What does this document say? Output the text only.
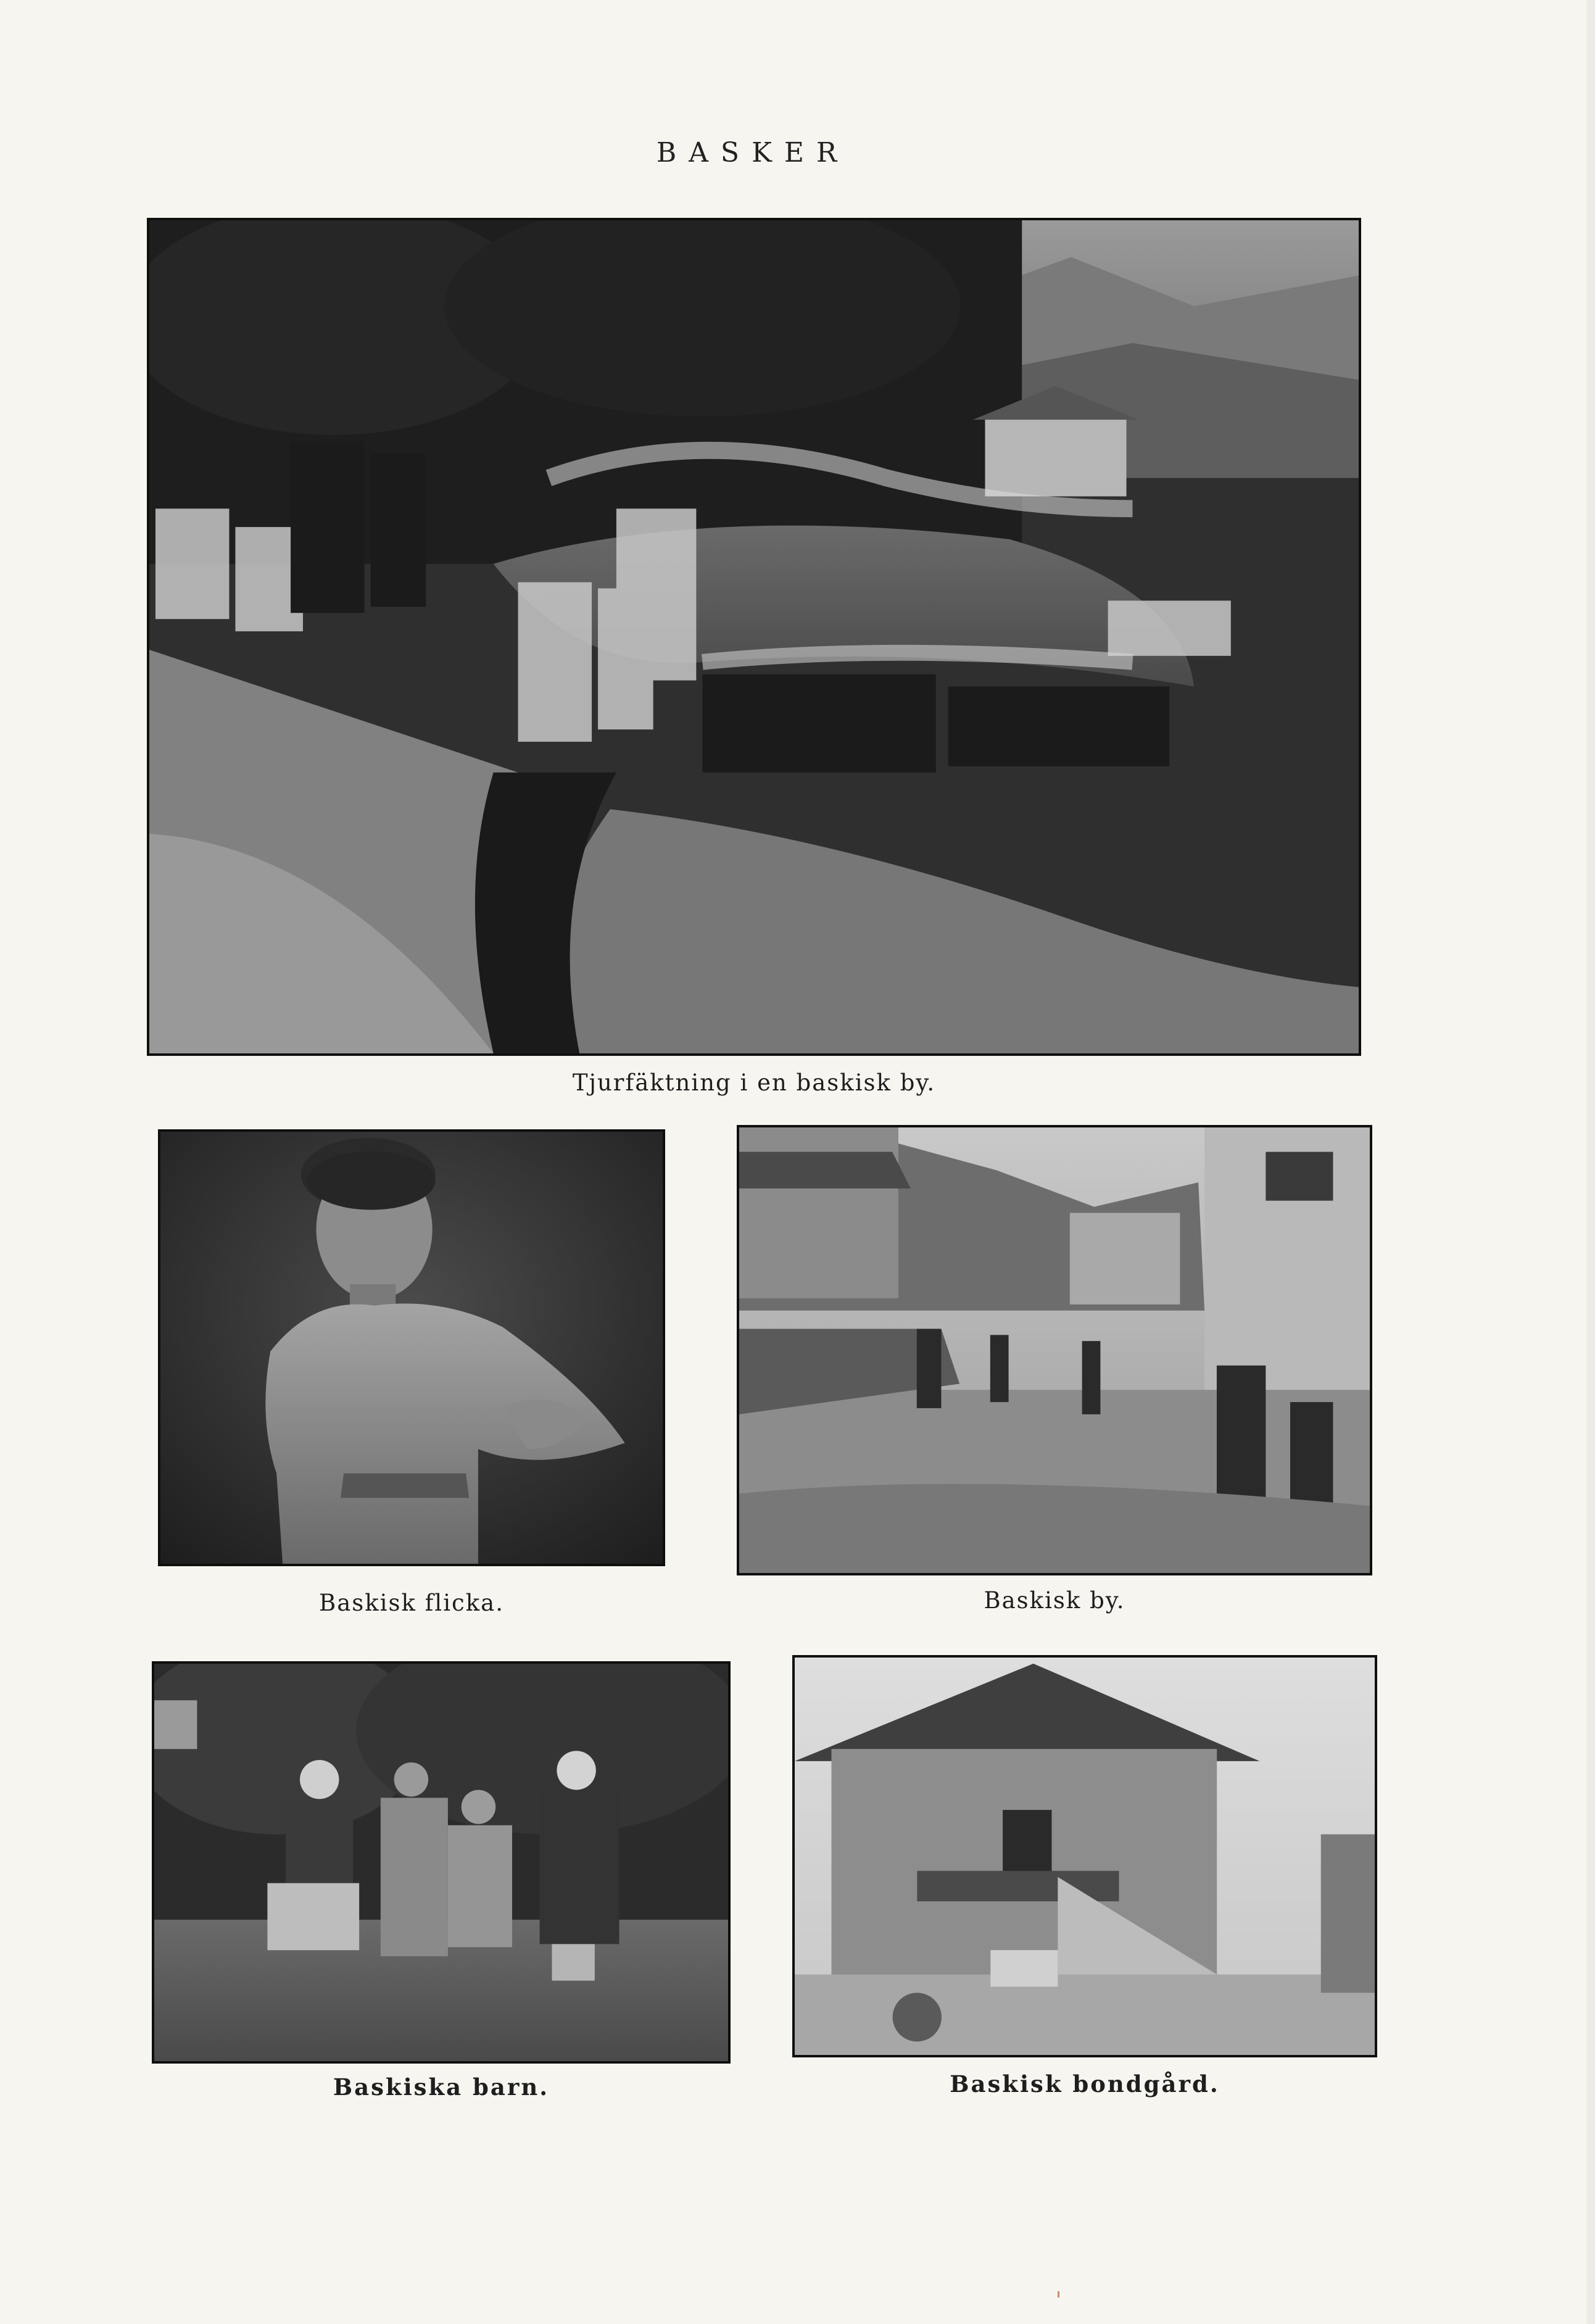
BASKER
Tjurfäktning i en baskisk by.
Baskisk flicka.	Baskisk by.
Baskiska barn.	Baskisk bondgård.
